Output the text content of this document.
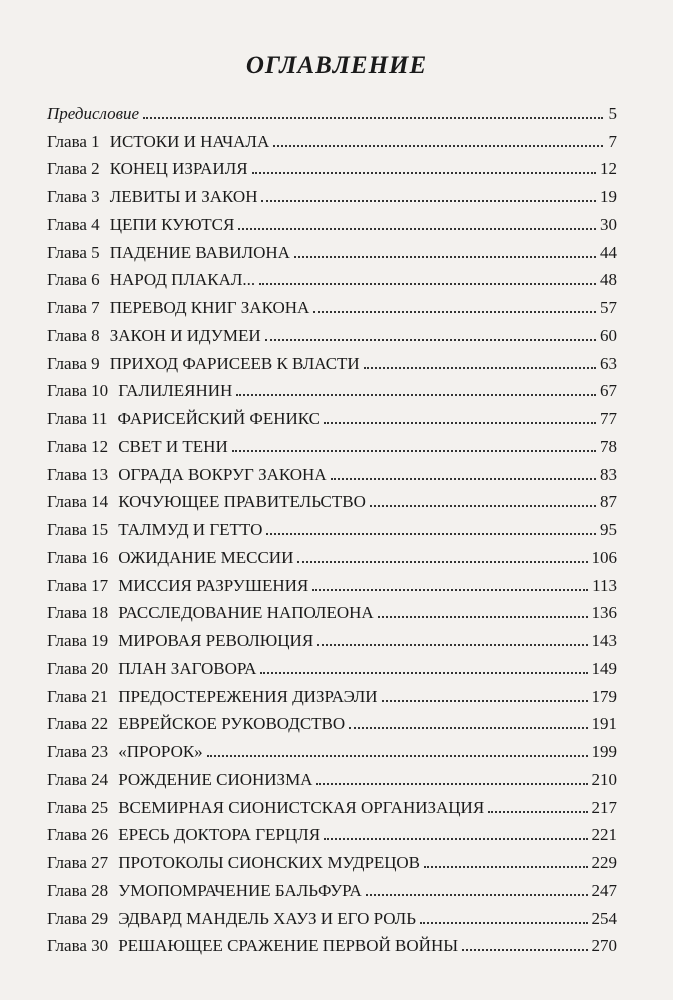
ОГЛАВЛЕНИЕ
Предисловие	5
Глава 1 ИСТОКИ И НАЧАЛА	7
Глава 2 КОНЕЦ ИЗРАИЛЯ	12
Глава 3 ЛЕВИТЫ И ЗАКОН	19
Глава 4 ЦЕПИ КУЮТСЯ	30
Глава 5 ПАДЕНИЕ ВАВИЛОНА	44
Глава 6 НАРОД ПЛАКАЛ...	48
Глава 7 ПЕРЕВОД КНИГ ЗАКОНА	57
Глава 8 ЗАКОН И ИДУМЕИ	60
Глава 9 ПРИХОД ФАРИСЕЕВ К ВЛАСТИ	63
Глава 10 ГАЛИЛЕЯНИН	67
Глава 11 ФАРИСЕЙСКИЙ ФЕНИКС	77
Глава 12 СВЕТ И ТЕНИ	78
Глава 13 ОГРАДА ВОКРУГ ЗАКОНА	83
Глава 14 КОЧУЮЩЕЕ ПРАВИТЕЛЬСТВО	87
Глава 15 ТАЛМУД И ГЕТТО	95
Глава 16 ОЖИДАНИЕ МЕССИИ	106
Глава 17 МИССИЯ РАЗРУШЕНИЯ	113
Глава 18 РАССЛЕДОВАНИЕ НАПОЛЕОНА	136
Глава 19 МИРОВАЯ РЕВОЛЮЦИЯ	143
Глава 20 ПЛАН ЗАГОВОРА	149
Глава 21 ПРЕДОСТЕРЕЖЕНИЯ ДИЗРАЭЛИ	179
Глава 22 ЕВРЕЙСКОЕ РУКОВОДСТВО	191
Глава 23 «ПРОРОК»	199
Глава 24 РОЖДЕНИЕ СИОНИЗМА	210
Глава 25 ВСЕМИРНАЯ СИОНИСТСКАЯ ОРГАНИЗАЦИЯ	217
Глава 26 ЕРЕСЬ ДОКТОРА ГЕРЦЛЯ	221
Глава 27 ПРОТОКОЛЫ СИОНСКИХ МУДРЕЦОВ	229
Глава 28 УМОПОМРАЧЕНИЕ БАЛЬФУРА	247
Глава 29 ЭДВАРД МАНДЕЛЬ ХАУЗ И ЕГО РОЛЬ	254
Глава 30 РЕШАЮЩЕЕ СРАЖЕНИЕ ПЕРВОЙ ВОЙНЫ	270
